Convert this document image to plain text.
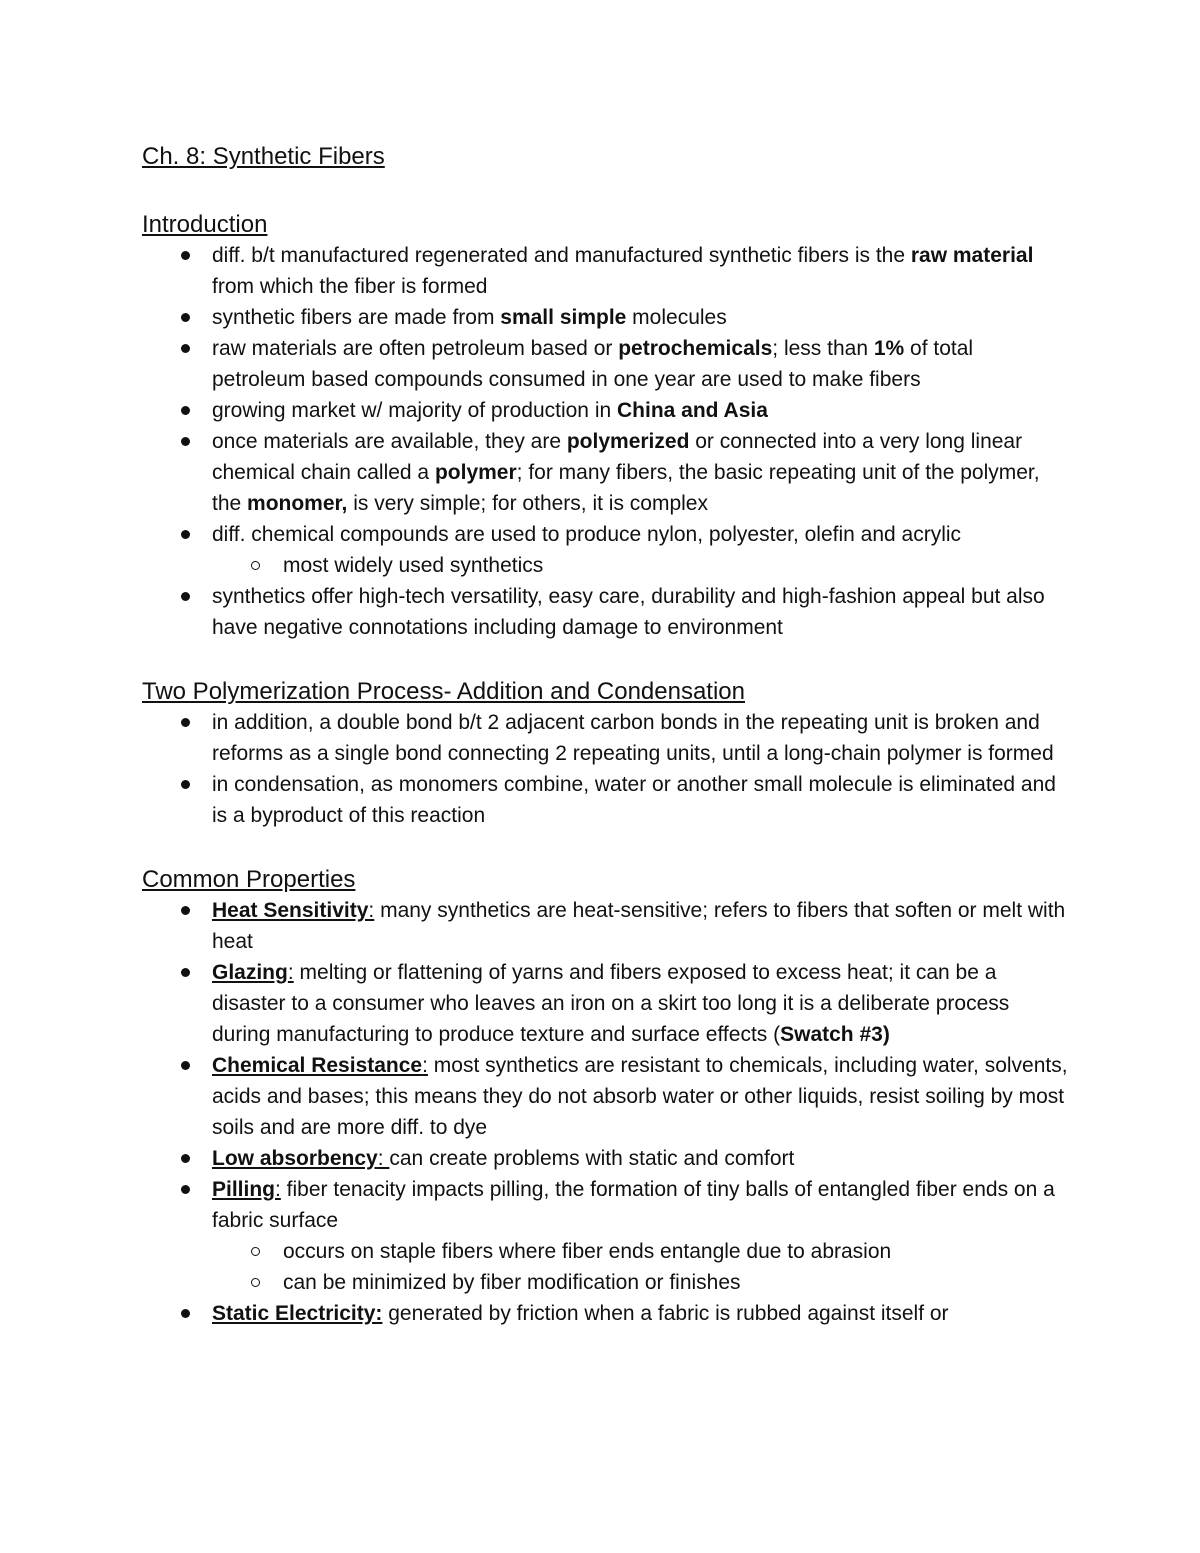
Ch. 8: Synthetic Fibers
Introduction
diff. b/t manufactured regenerated and manufactured synthetic fibers is the raw material from which the fiber is formed
synthetic fibers are made from small simple molecules
raw materials are often petroleum based or petrochemicals; less than 1% of total petroleum based compounds consumed in one year are used to make fibers
growing market w/ majority of production in China and Asia
once materials are available, they are polymerized or connected into a very long linear chemical chain called a polymer; for many fibers, the basic repeating unit of the polymer, the monomer, is very simple; for others, it is complex
diff. chemical compounds are used to produce nylon, polyester, olefin and acrylic
most widely used synthetics
synthetics offer high-tech versatility, easy care, durability and high-fashion appeal but also have negative connotations including damage to environment
Two Polymerization Process- Addition and Condensation
in addition, a double bond b/t 2 adjacent carbon bonds in the repeating unit is broken and reforms as a single bond connecting 2 repeating units, until a long-chain polymer is formed
in condensation, as monomers combine, water or another small molecule is eliminated and is a byproduct of this reaction
Common Properties
Heat Sensitivity: many synthetics are heat-sensitive; refers to fibers that soften or melt with heat
Glazing: melting or flattening of yarns and fibers exposed to excess heat; it can be a disaster to a consumer who leaves an iron on a skirt too long it is a deliberate process during manufacturing to produce texture and surface effects (Swatch #3)
Chemical Resistance: most synthetics are resistant to chemicals, including water, solvents, acids and bases; this means they do not absorb water or other liquids, resist soiling by most soils and are more diff. to dye
Low absorbency: can create problems with static and comfort
Pilling: fiber tenacity impacts pilling, the formation of tiny balls of entangled fiber ends on a fabric surface
occurs on staple fibers where fiber ends entangle due to abrasion
can be minimized by fiber modification or finishes
Static Electricity: generated by friction when a fabric is rubbed against itself or
